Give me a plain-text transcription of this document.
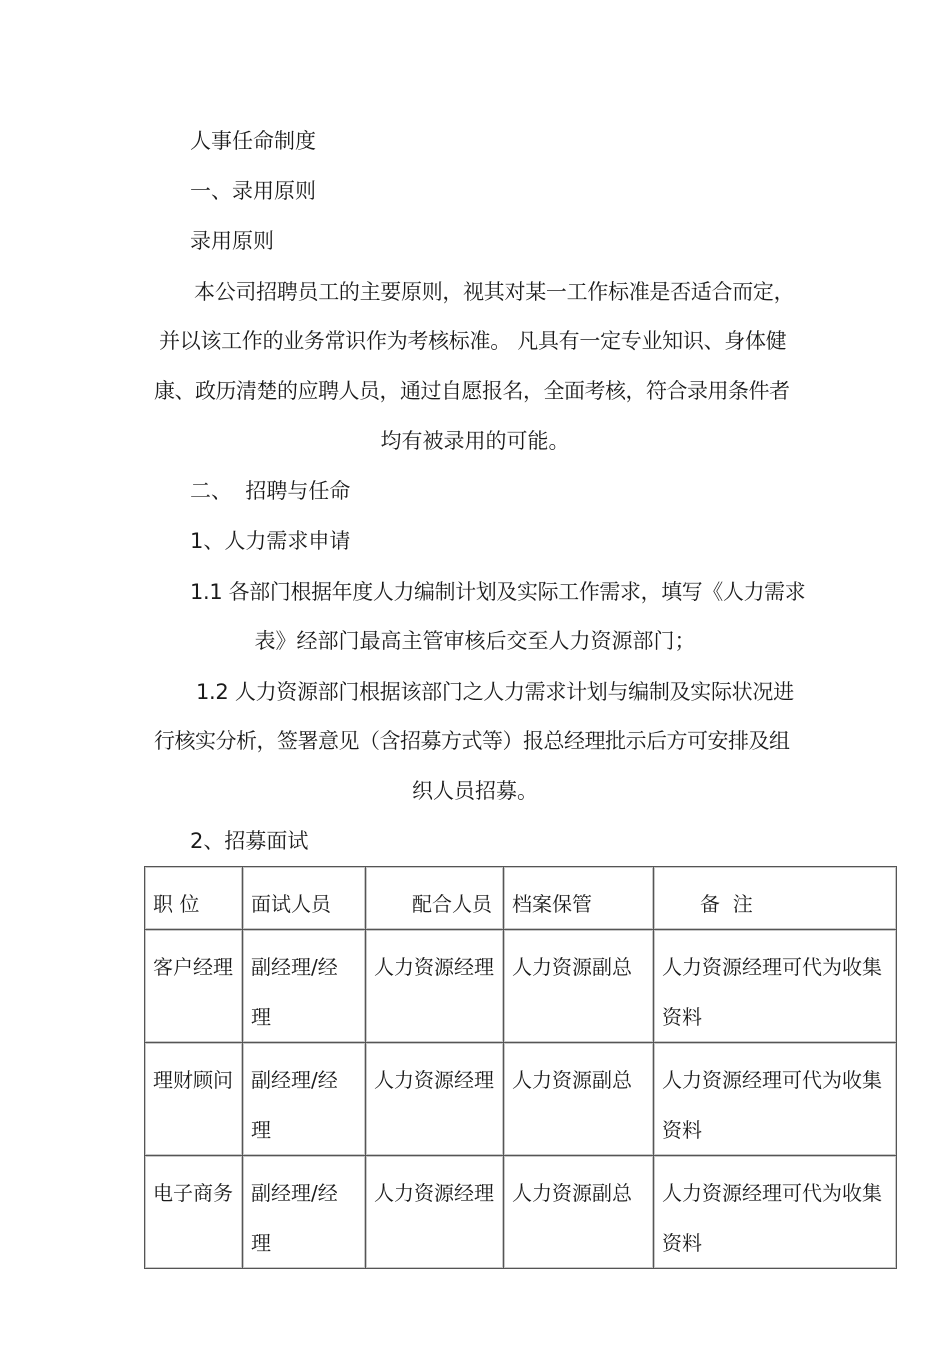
人事任命制度
一、录用原则
录用原则
本公司招聘员工的主要原则，视其对某一工作标准是否适合而定，
并以该工作的业务常识作为考核标准。 凡具有一定专业知识、身体健
康、政历清楚的应聘人员，通过自愿报名，全面考核，符合录用条件者
均有被录用的可能。
二、  招聘与任命
1、人力需求申请
1.1 各部门根据年度人力编制计划及实际工作需求，填写《人力需求
表》经部门最高主管审核后交至人力资源部门；
1.2 人力资源部门根据该部门之人力需求计划与编制及实际状况进
行核实分析，签署意见（含招募方式等）报总经理批示后方可安排及组
织人员招募。
2、招募面试
职 位	面试人员	配合人员	档案保管	备  注
客户经理	副经理/经理	人力资源经理	人力资源副总	人力资源经理可代为收集资料
理财顾问	副经理/经理	人力资源经理	人力资源副总	人力资源经理可代为收集资料
电子商务	副经理/经理	人力资源经理	人力资源副总	人力资源经理可代为收集资料
